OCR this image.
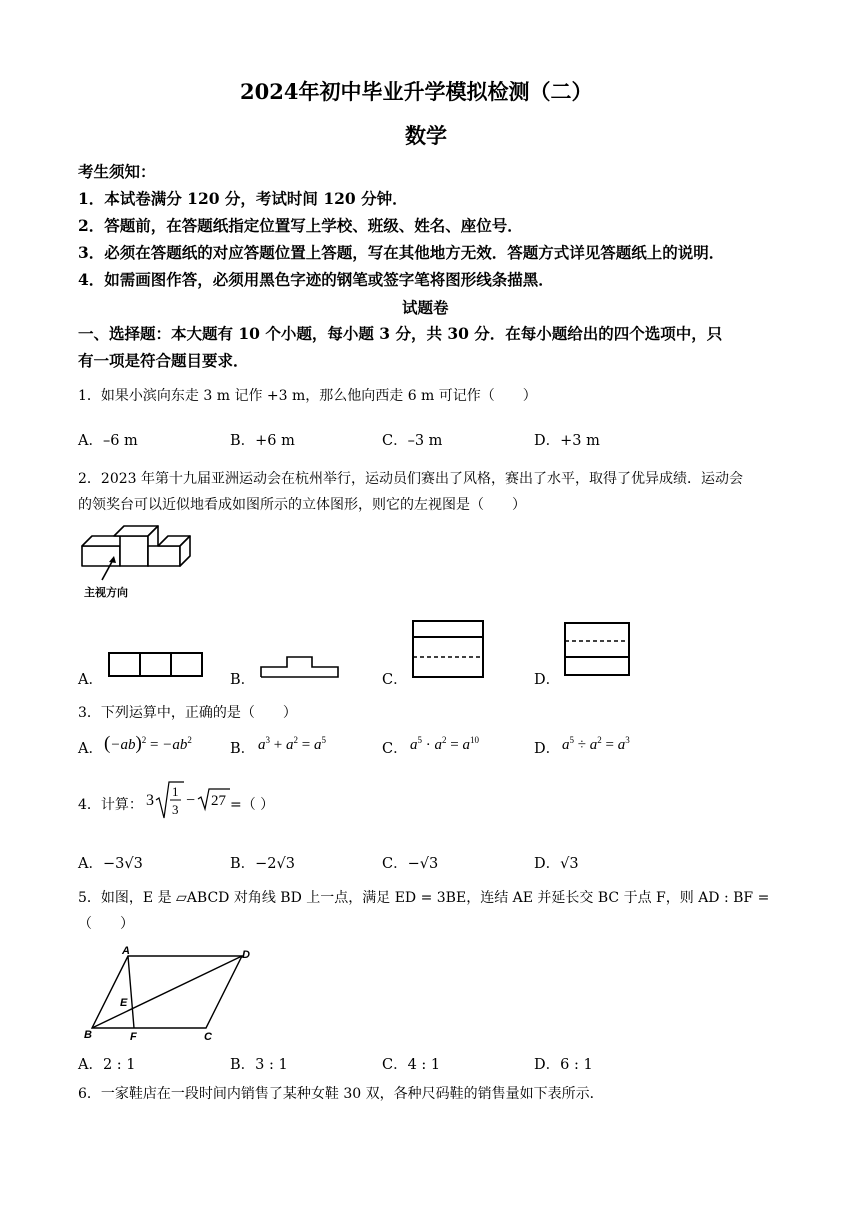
2024年初中毕业升学模拟检测（二）
数学
考生须知：
1．本试卷满分 120 分，考试时间 120 分钟．
2．答题前，在答题纸指定位置写上学校、班级、姓名、座位号．
3．必须在答题纸的对应答题位置上答题，写在其他地方无效．答题方式详见答题纸上的说明．
4．如需画图作答，必须用黑色字迹的钢笔或签字笔将图形线条描黑．
试题卷
一、选择题：本大题有 10 个小题，每小题 3 分，共 30 分．在每小题给出的四个选项中，只
有一项是符合题目要求．
1．如果小滨向东走 3 m 记作 +3 m，那么他向西走 6 m 可记作（　　）
A．–6 m	B．+6 m	C．–3 m	D．+3 m
2．2023 年第十九届亚洲运动会在杭州举行，运动员们赛出了风格，赛出了水平，取得了优异成绩．运动会
的领奖台可以近似地看成如图所示的立体图形，则它的左视图是（　　）
主视方向
A．	B．	C．	D．
3．下列运算中，正确的是（　　）
A． $(-ab)^2 = -ab^2$
B． $a^3 + a^2 = a^5$
C． $a^5 \cdot a^2 = a^{10}$
D． $a^5 \div a^2 = a^3$
4．计算： 3
1
3
− 27 =（ ）
A．−3√3	B．−2√3	C．−√3	D．√3
5．如图，E 是 ▱ABCD 对角线 BD 上一点，满足 ED = 3BE，连结 AE 并延长交 BC 于点 F，则 AD : BF =
（　　）
A	D
E
B	F	C
A．2 : 1	B．3 : 1	C．4 : 1	D．6 : 1
6．一家鞋店在一段时间内销售了某种女鞋 30 双，各种尺码鞋的销售量如下表所示．
